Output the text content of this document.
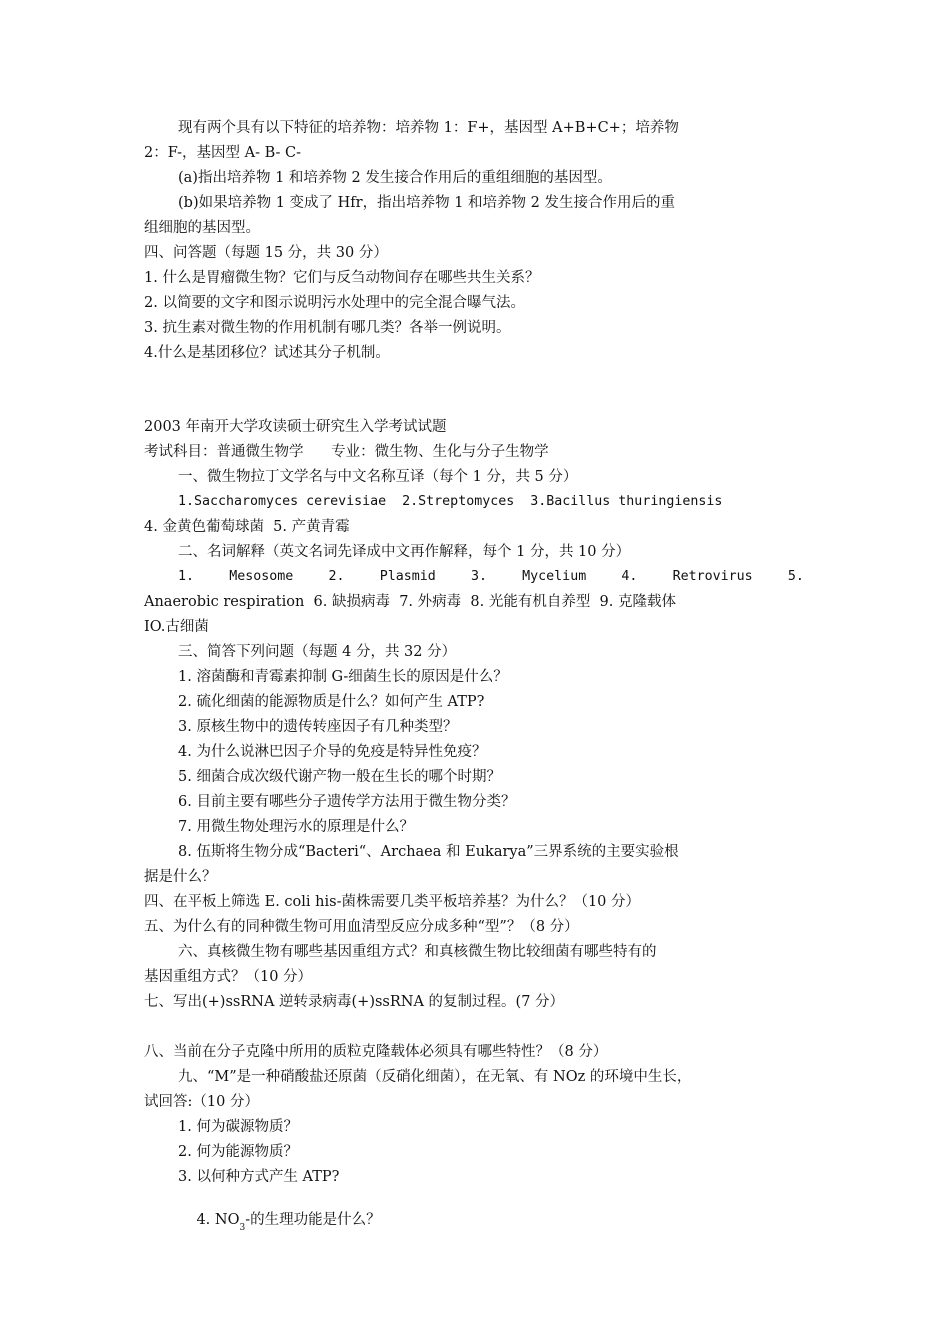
现有两个具有以下特征的培养物：培养物 1：F+，基因型 A+B+C+；培养物
2：F-，基因型 A- B- C-
(a)指出培养物 1 和培养物 2 发生接合作用后的重组细胞的基因型。
(b)如果培养物 1 变成了 Hfr，指出培养物 1 和培养物 2 发生接合作用后的重
组细胞的基因型。
四、问答题（每题 15 分，共 30 分）
1. 什么是胃瘤微生物？它们与反刍动物间存在哪些共生关系？
2. 以简要的文字和图示说明污水处理中的完全混合曝气法。
3. 抗生素对微生物的作用机制有哪几类？各举一例说明。
4.什么是基团移位？试述其分子机制。
2003 年南开大学攻读硕士研究生入学考试试题
考试科目：普通微生物学      专业：微生物、生化与分子生物学
一、微生物拉丁文学名与中文名称互译（每个 1 分，共 5 分）
1.Saccharomyces cerevisiae  2.Streptomyces  3.Bacillus thuringiensis
4. 金黄色葡萄球菌  5. 产黄青霉
二、名词解释（英文名词先译成中文再作解释，每个 1 分，共 10 分）
1.	Mesosome	2.	Plasmid	3.	Mycelium	4.	Retrovirus	5.
Anaerobic respiration  6. 缺损病毒  7. 外病毒  8. 光能有机自养型  9. 克隆载体
IO.古细菌
三、简答下列问题（每题 4 分，共 32 分）
1. 溶菌酶和青霉素抑制 G-细菌生长的原因是什么？
2. 硫化细菌的能源物质是什么？如何产生 ATP?
3. 原核生物中的遗传转座因子有几种类型？
4. 为什么说淋巴因子介导的免疫是特异性免疫？
5. 细菌合成次级代谢产物一般在生长的哪个时期？
6. 目前主要有哪些分子遗传学方法用于微生物分类？
7. 用微生物处理污水的原理是什么？
8. 伍斯将生物分成“Bacteri“、Archaea 和 Eukarya”三界系统的主要实验根
据是什么？
四、在平板上筛选 E. coli his-菌株需要几类平板培养基？为什么？（10 分）
五、为什么有的同种微生物可用血清型反应分成多种“型”？（8 分）
六、真核微生物有哪些基因重组方式？和真核微生物比较细菌有哪些特有的
基因重组方式？（10 分）
七、写出(+)ssRNA 逆转录病毒(+)ssRNA 的复制过程。(7 分）
八、当前在分子克隆中所用的质粒克隆载体必须具有哪些特性？（8 分）
九、“M”是一种硝酸盐还原菌（反硝化细菌），在无氧、有 NOz 的环境中生长，
试回答:（10 分）
1. 何为碳源物质？
2. 何为能源物质？
3. 以何种方式产生 ATP?

4. $NO_3-$的生理功能是什么？
